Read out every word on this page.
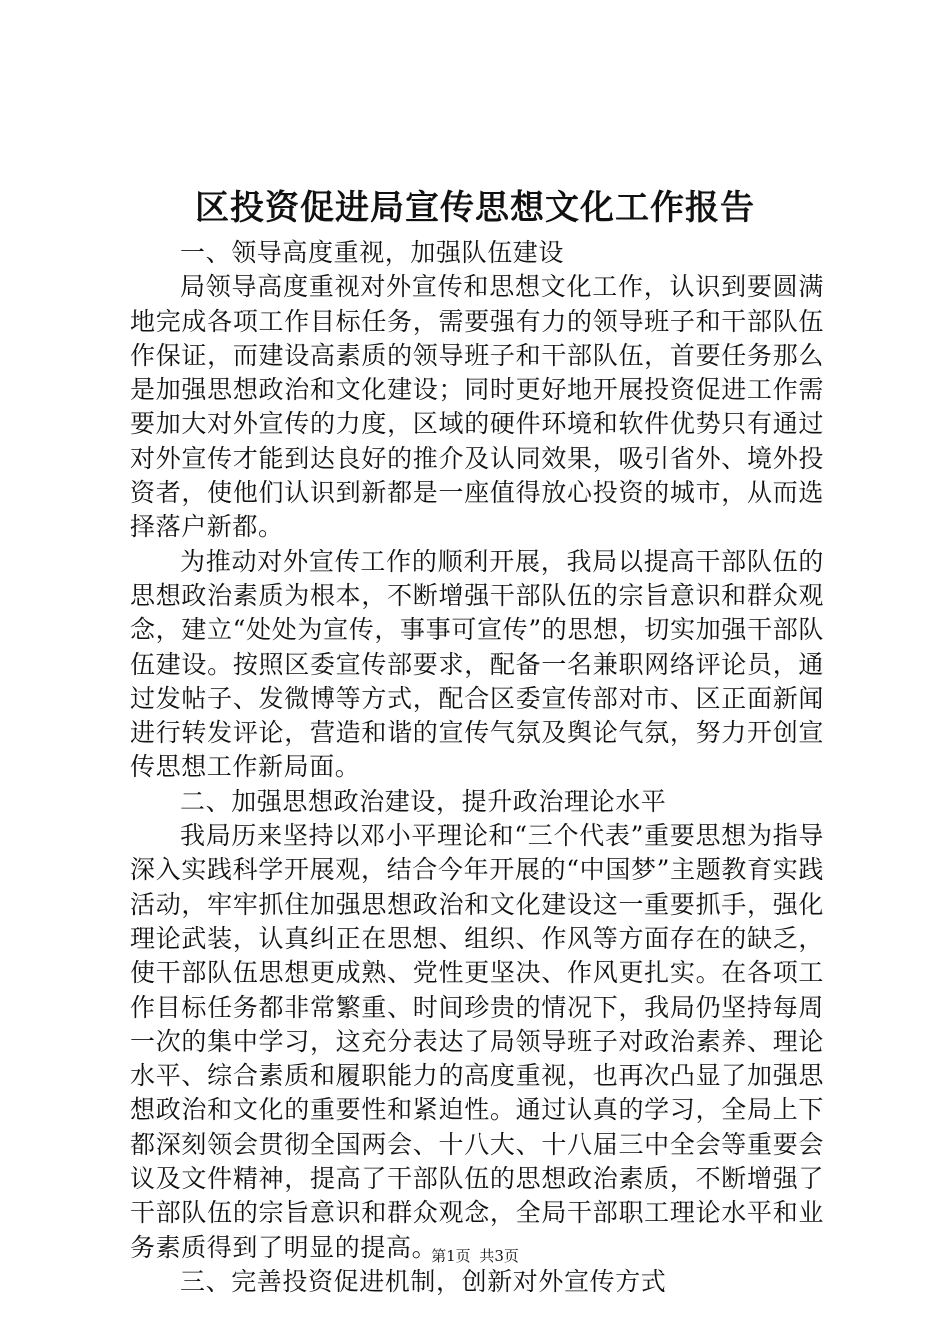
区投资促进局宣传思想文化工作报告

一、领导高度重视，加强队伍建设

局领导高度重视对外宣传和思想文化工作，认识到要圆满地完成各项工作目标任务，需要强有力的领导班子和干部队伍作保证，而建设高素质的领导班子和干部队伍，首要任务那么是加强思想政治和文化建设；同时更好地开展投资促进工作需要加大对外宣传的力度，区域的硬件环境和软件优势只有通过对外宣传才能到达良好的推介及认同效果，吸引省外、境外投资者，使他们认识到新都是一座值得放心投资的城市，从而选择落户新都。

为推动对外宣传工作的顺利开展，我局以提高干部队伍的思想政治素质为根本，不断增强干部队伍的宗旨意识和群众观念，建立“处处为宣传，事事可宣传”的思想，切实加强干部队伍建设。按照区委宣传部要求，配备一名兼职网络评论员，通过发帖子、发微博等方式，配合区委宣传部对市、区正面新闻进行转发评论，营造和谐的宣传气氛及舆论气氛，努力开创宣传思想工作新局面。

二、加强思想政治建设，提升政治理论水平

我局历来坚持以邓小平理论和“三个代表”重要思想为指导深入实践科学开展观，结合今年开展的“中国梦”主题教育实践活动，牢牢抓住加强思想政治和文化建设这一重要抓手，强化理论武装，认真纠正在思想、组织、作风等方面存在的缺乏，使干部队伍思想更成熟、党性更坚决、作风更扎实。在各项工作目标任务都非常繁重、时间珍贵的情况下，我局仍坚持每周一次的集中学习，这充分表达了局领导班子对政治素养、理论水平、综合素质和履职能力的高度重视，也再次凸显了加强思想政治和文化的重要性和紧迫性。通过认真的学习，全局上下都深刻领会贯彻全国两会、十八大、十八届三中全会等重要会议及文件精神，提高了干部队伍的思想政治素质，不断增强了干部队伍的宗旨意识和群众观念，全局干部职工理论水平和业务素质得到了明显的提高。

三、完善投资促进机制，创新对外宣传方式

第1页 共3页
